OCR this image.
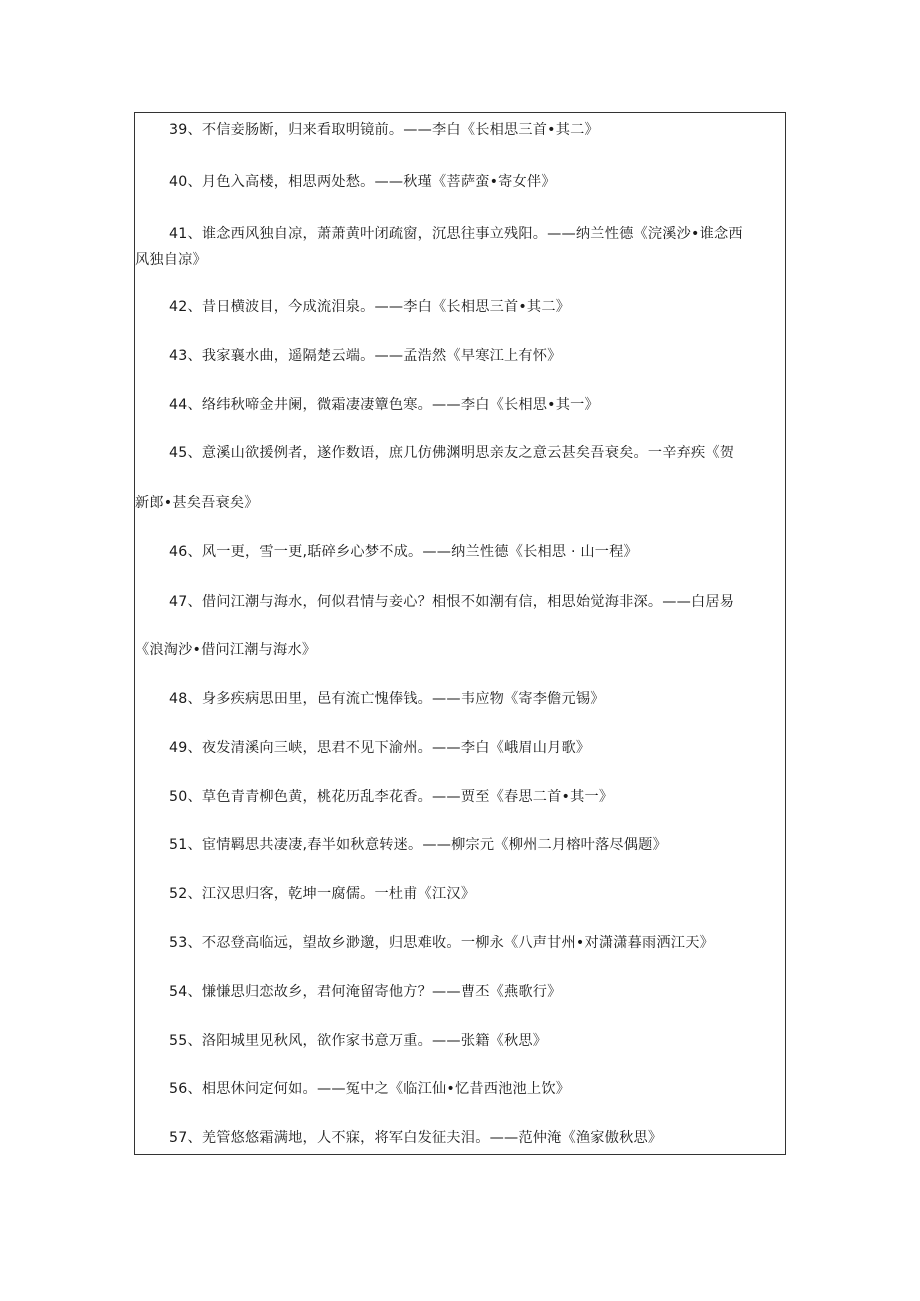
39、不信妾肠断，归来看取明镜前。——李白《长相思三首•其二》

40、月色入高楼，相思两处愁。——秋瑾《菩萨蛮•寄女伴》

41、谁念西风独自凉，萧萧黄叶闭疏窗，沉思往事立残阳。——纳兰性德《浣溪沙•谁念西

风独自凉》

42、昔日横波目，今成流泪泉。——李白《长相思三首•其二》

43、我家襄水曲，遥隔楚云端。——孟浩然《早寒江上有怀》

44、络纬秋啼金井阑，微霜凄凄簟色寒。——李白《长相思•其一》

45、意溪山欲援例者，遂作数语，庶几仿佛渊明思亲友之意云甚矣吾衰矣。一辛弃疾《贺

新郎•甚矣吾衰矣》

46、风一更，雪一更,聒碎乡心梦不成。——纳兰性德《长相思 · 山一程》

47、借问江潮与海水，何似君情与妾心？相恨不如潮有信，相思始觉海非深。——白居易

《浪淘沙•借问江潮与海水》

48、身多疾病思田里，邑有流亡愧俸钱。——韦应物《寄李儋元锡》

49、夜发清溪向三峡，思君不见下渝州。——李白《峨眉山月歌》

50、草色青青柳色黄，桃花历乱李花香。——贾至《春思二首•其一》

51、宦情羁思共凄凄,春半如秋意转迷。——柳宗元《柳州二月榕叶落尽偶题》

52、江汉思归客，乾坤一腐儒。一杜甫《江汉》

53、不忍登高临远，望故乡渺邈，归思难收。一柳永《八声甘州•对潇潇暮雨洒江天》

54、慊慊思归恋故乡，君何淹留寄他方？——曹丕《燕歌行》

55、洛阳城里见秋风，欲作家书意万重。——张籍《秋思》

56、相思休问定何如。——冤中之《临江仙•忆昔西池池上饮》

57、羌管悠悠霜满地，人不寐，将军白发征夫泪。——范仲淹《渔家傲秋思》
